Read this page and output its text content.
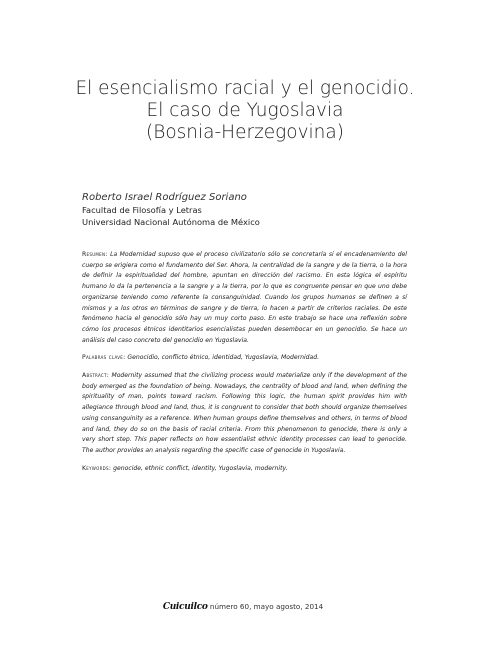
El esencialismo racial y el genocidio.
El caso de Yugoslavia
(Bosnia-Herzegovina)
Roberto Israel Rodríguez Soriano
Facultad de Filosofía y Letras
Universidad Nacional Autónoma de México

Resumen: La Modernidad supuso que el proceso civilizatorio sólo se concretaría si el encadenamiento del cuerpo se erigiera como el fundamento del Ser. Ahora, la centralidad de la sangre y de la tierra, o la hora de definir la espiritualidad del hombre, apuntan en dirección del racismo. En esta lógica el espíritu humano lo da la pertenencia a la sangre y a la tierra, por lo que es congruente pensar en que uno debe organizarse teniendo como referente la consanguinidad. Cuando los grupos humanos se definen a sí mismos y a los otros en términos de sangre y de tierra, lo hacen a partir de criterios raciales. De este fenómeno hacia el genocidio sólo hay un muy corto paso. En este trabajo se hace una reflexión sobre cómo los procesos étnicos identitarios esencialistas pueden desembocar en un genocidio. Se hace un análisis del caso concreto del genocidio en Yugoslavia.

Palabras clave: Genocidio, conflicto étnico, identidad, Yugoslavia, Modernidad.

Abstract: Modernity assumed that the civilizing process would materialize only if the development of the body emerged as the foundation of being. Nowadays, the centrality of blood and land, when defining the spirituality of man, points toward racism. Following this logic, the human spirit provides him with allegiance through blood and land, thus, it is congruent to consider that both should organize themselves using consanguinity as a reference. When human groups define themselves and others, in terms of blood and land, they do so on the basis of racial criteria. From this phenomenon to genocide, there is only a very short step. This paper reflects on how essentialist ethnic identity processes can lead to genocide. The author provides an analysis regarding the specific case of genocide in Yugoslavia.

Keywords: genocide, ethnic conflict, identity, Yugoslavia, modernity.

Cuicuilco número 60, mayo agosto, 2014
